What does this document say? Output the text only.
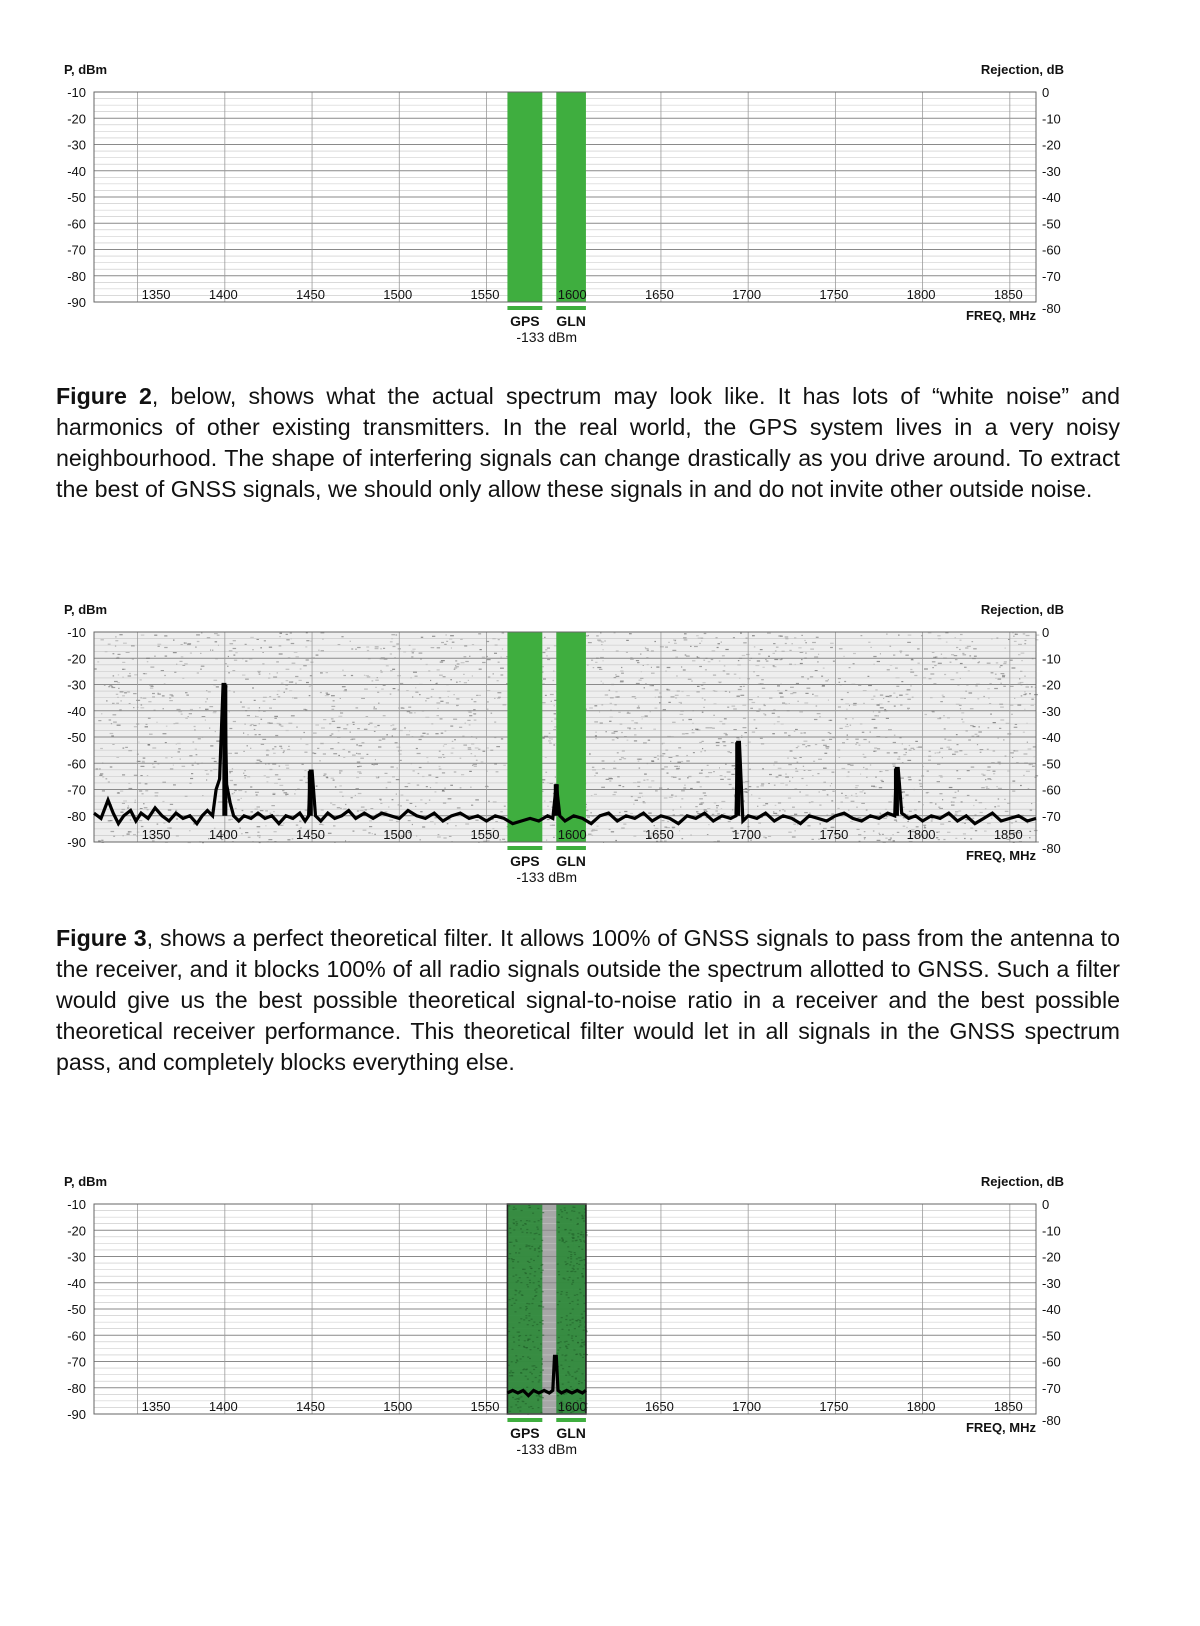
P, dBm	Rejection, dB
FREQ, MHz
-10
-20
-30
-40
-50
-60
-70
-80
-90
0
-10
-20
-30
-40
-50
-60
-70
-80
1350	1400	1450	1500	1550	1600	1650	1700	1750	1800	1850
GPS GLN
-133 dBm

Figure 2, below, shows what the actual spectrum may look like. It has lots of “white noise” and harmonics of other existing transmitters. In the real world, the GPS system lives in a very noisy neighbourhood. The shape of interfering signals can change drastically as you drive around. To extract the best of GNSS signals, we should only allow these signals in and do not invite other outside noise.

P, dBm	Rejection, dB
FREQ, MHz
-10
-20
-30
-40
-50
-60
-70
-80
-90
0
-10
-20
-30
-40
-50
-60
-70
-80
1350	1400	1450	1500	1550	1600	1650	1700	1750	1800	1850
GPS GLN
-133 dBm

Figure 3, shows a perfect theoretical filter. It allows 100% of GNSS signals to pass from the antenna to the receiver, and it blocks 100% of all radio signals outside the spectrum allotted to GNSS. Such a filter would give us the best possible theoretical signal-to-noise ratio in a receiver and the best possible theoretical receiver performance. This theoretical filter would let in all signals in the GNSS spectrum pass, and completely blocks everything else.

P, dBm	Rejection, dB
FREQ, MHz
-10
-20
-30
-40
-50
-60
-70
-80
-90
0
-10
-20
-30
-40
-50
-60
-70
-80
1350	1400	1450	1500	1550	1600	1650	1700	1750	1800	1850
GPS GLN
-133 dBm
